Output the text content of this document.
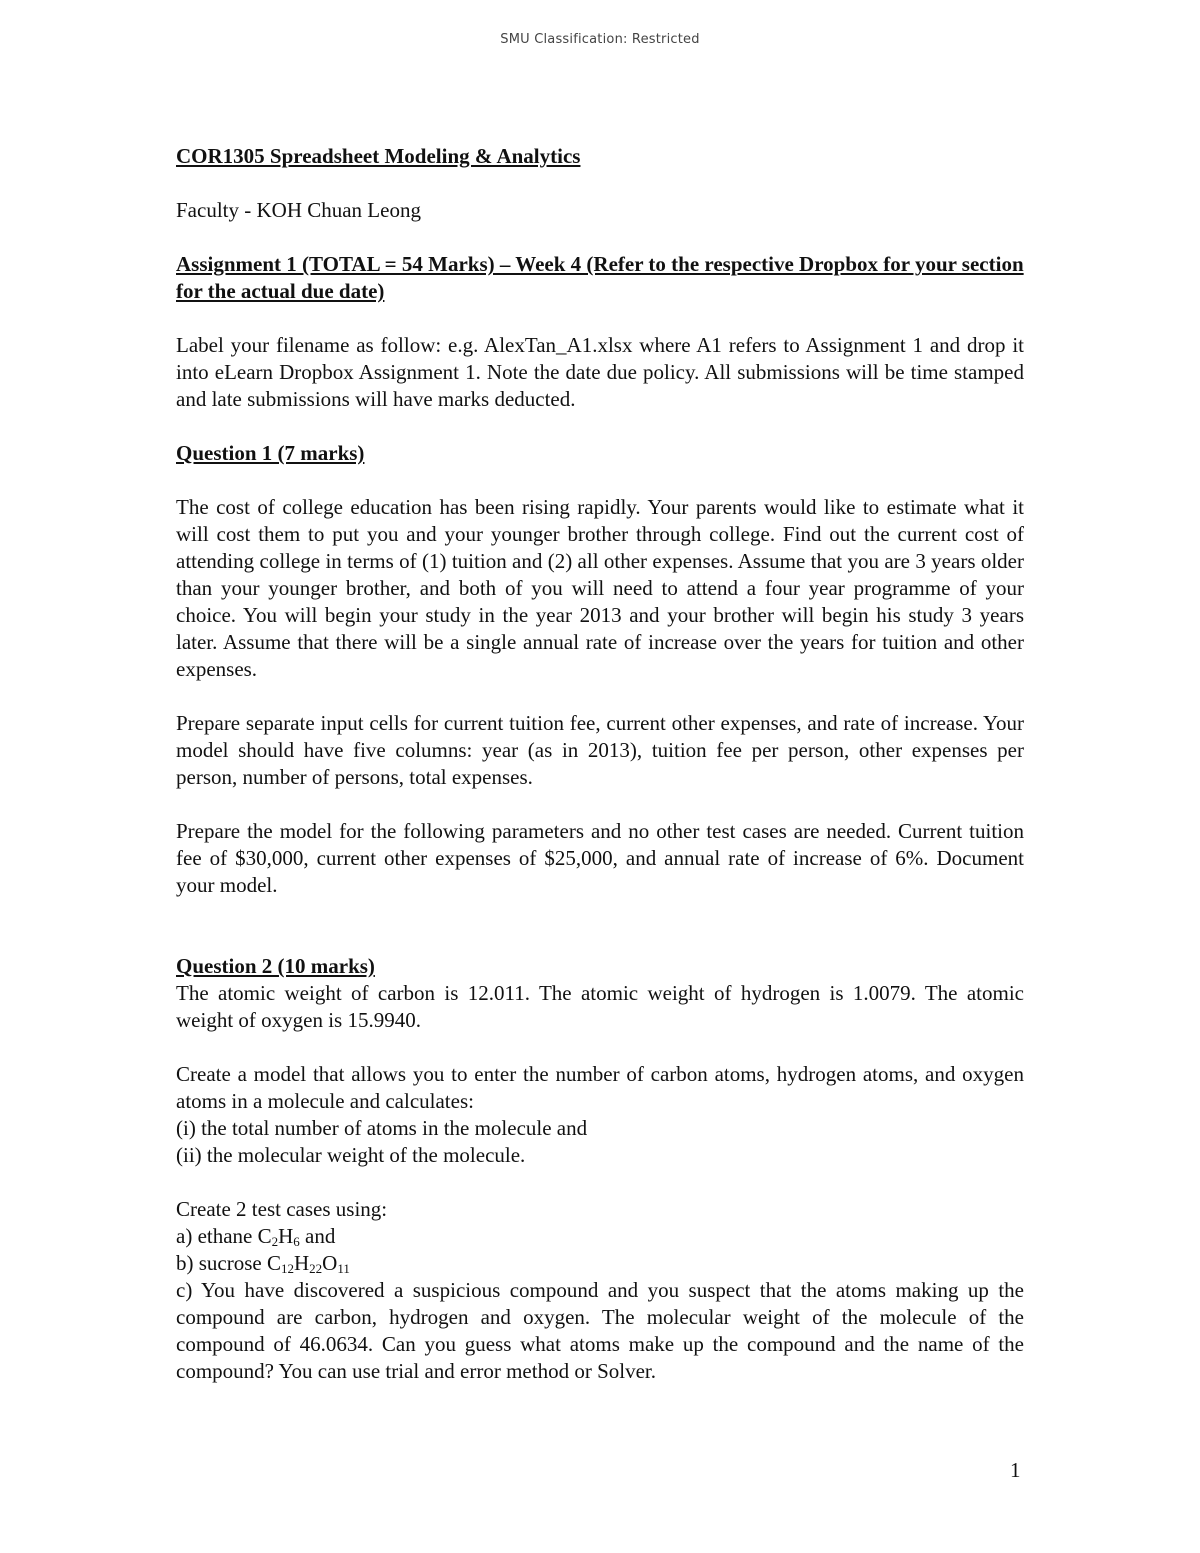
SMU Classification: Restricted

COR1305 Spreadsheet Modeling & Analytics

Faculty - KOH Chuan Leong

Assignment 1 (TOTAL = 54 Marks) – Week 4 (Refer to the respective Dropbox for your section for the actual due date)

Label your filename as follow: e.g. AlexTan_A1.xlsx where A1 refers to Assignment 1 and drop it into eLearn Dropbox Assignment 1. Note the date due policy. All submissions will be time stamped and late submissions will have marks deducted.

Question 1 (7 marks)

The cost of college education has been rising rapidly. Your parents would like to estimate what it will cost them to put you and your younger brother through college. Find out the current cost of attending college in terms of (1) tuition and (2) all other expenses. Assume that you are 3 years older than your younger brother, and both of you will need to attend a four year programme of your choice. You will begin your study in the year 2013 and your brother will begin his study 3 years later. Assume that there will be a single annual rate of increase over the years for tuition and other expenses.

Prepare separate input cells for current tuition fee, current other expenses, and rate of increase. Your model should have five columns: year (as in 2013), tuition fee per person, other expenses per person, number of persons, total expenses.

Prepare the model for the following parameters and no other test cases are needed. Current tuition fee of $30,000, current other expenses of $25,000, and annual rate of increase of 6%. Document your model.

Question 2 (10 marks)

The atomic weight of carbon is 12.011. The atomic weight of hydrogen is 1.0079. The atomic weight of oxygen is 15.9940.

Create a model that allows you to enter the number of carbon atoms, hydrogen atoms, and oxygen atoms in a molecule and calculates:

(i) the total number of atoms in the molecule and

(ii) the molecular weight of the molecule.

Create 2 test cases using:

a) ethane $C_2H_6$ and

b) sucrose $C_{12}H_{22}O_{11}$

c) You have discovered a suspicious compound and you suspect that the atoms making up the compound are carbon, hydrogen and oxygen. The molecular weight of the molecule of the compound of 46.0634. Can you guess what atoms make up the compound and the name of the compound? You can use trial and error method or Solver.

1
